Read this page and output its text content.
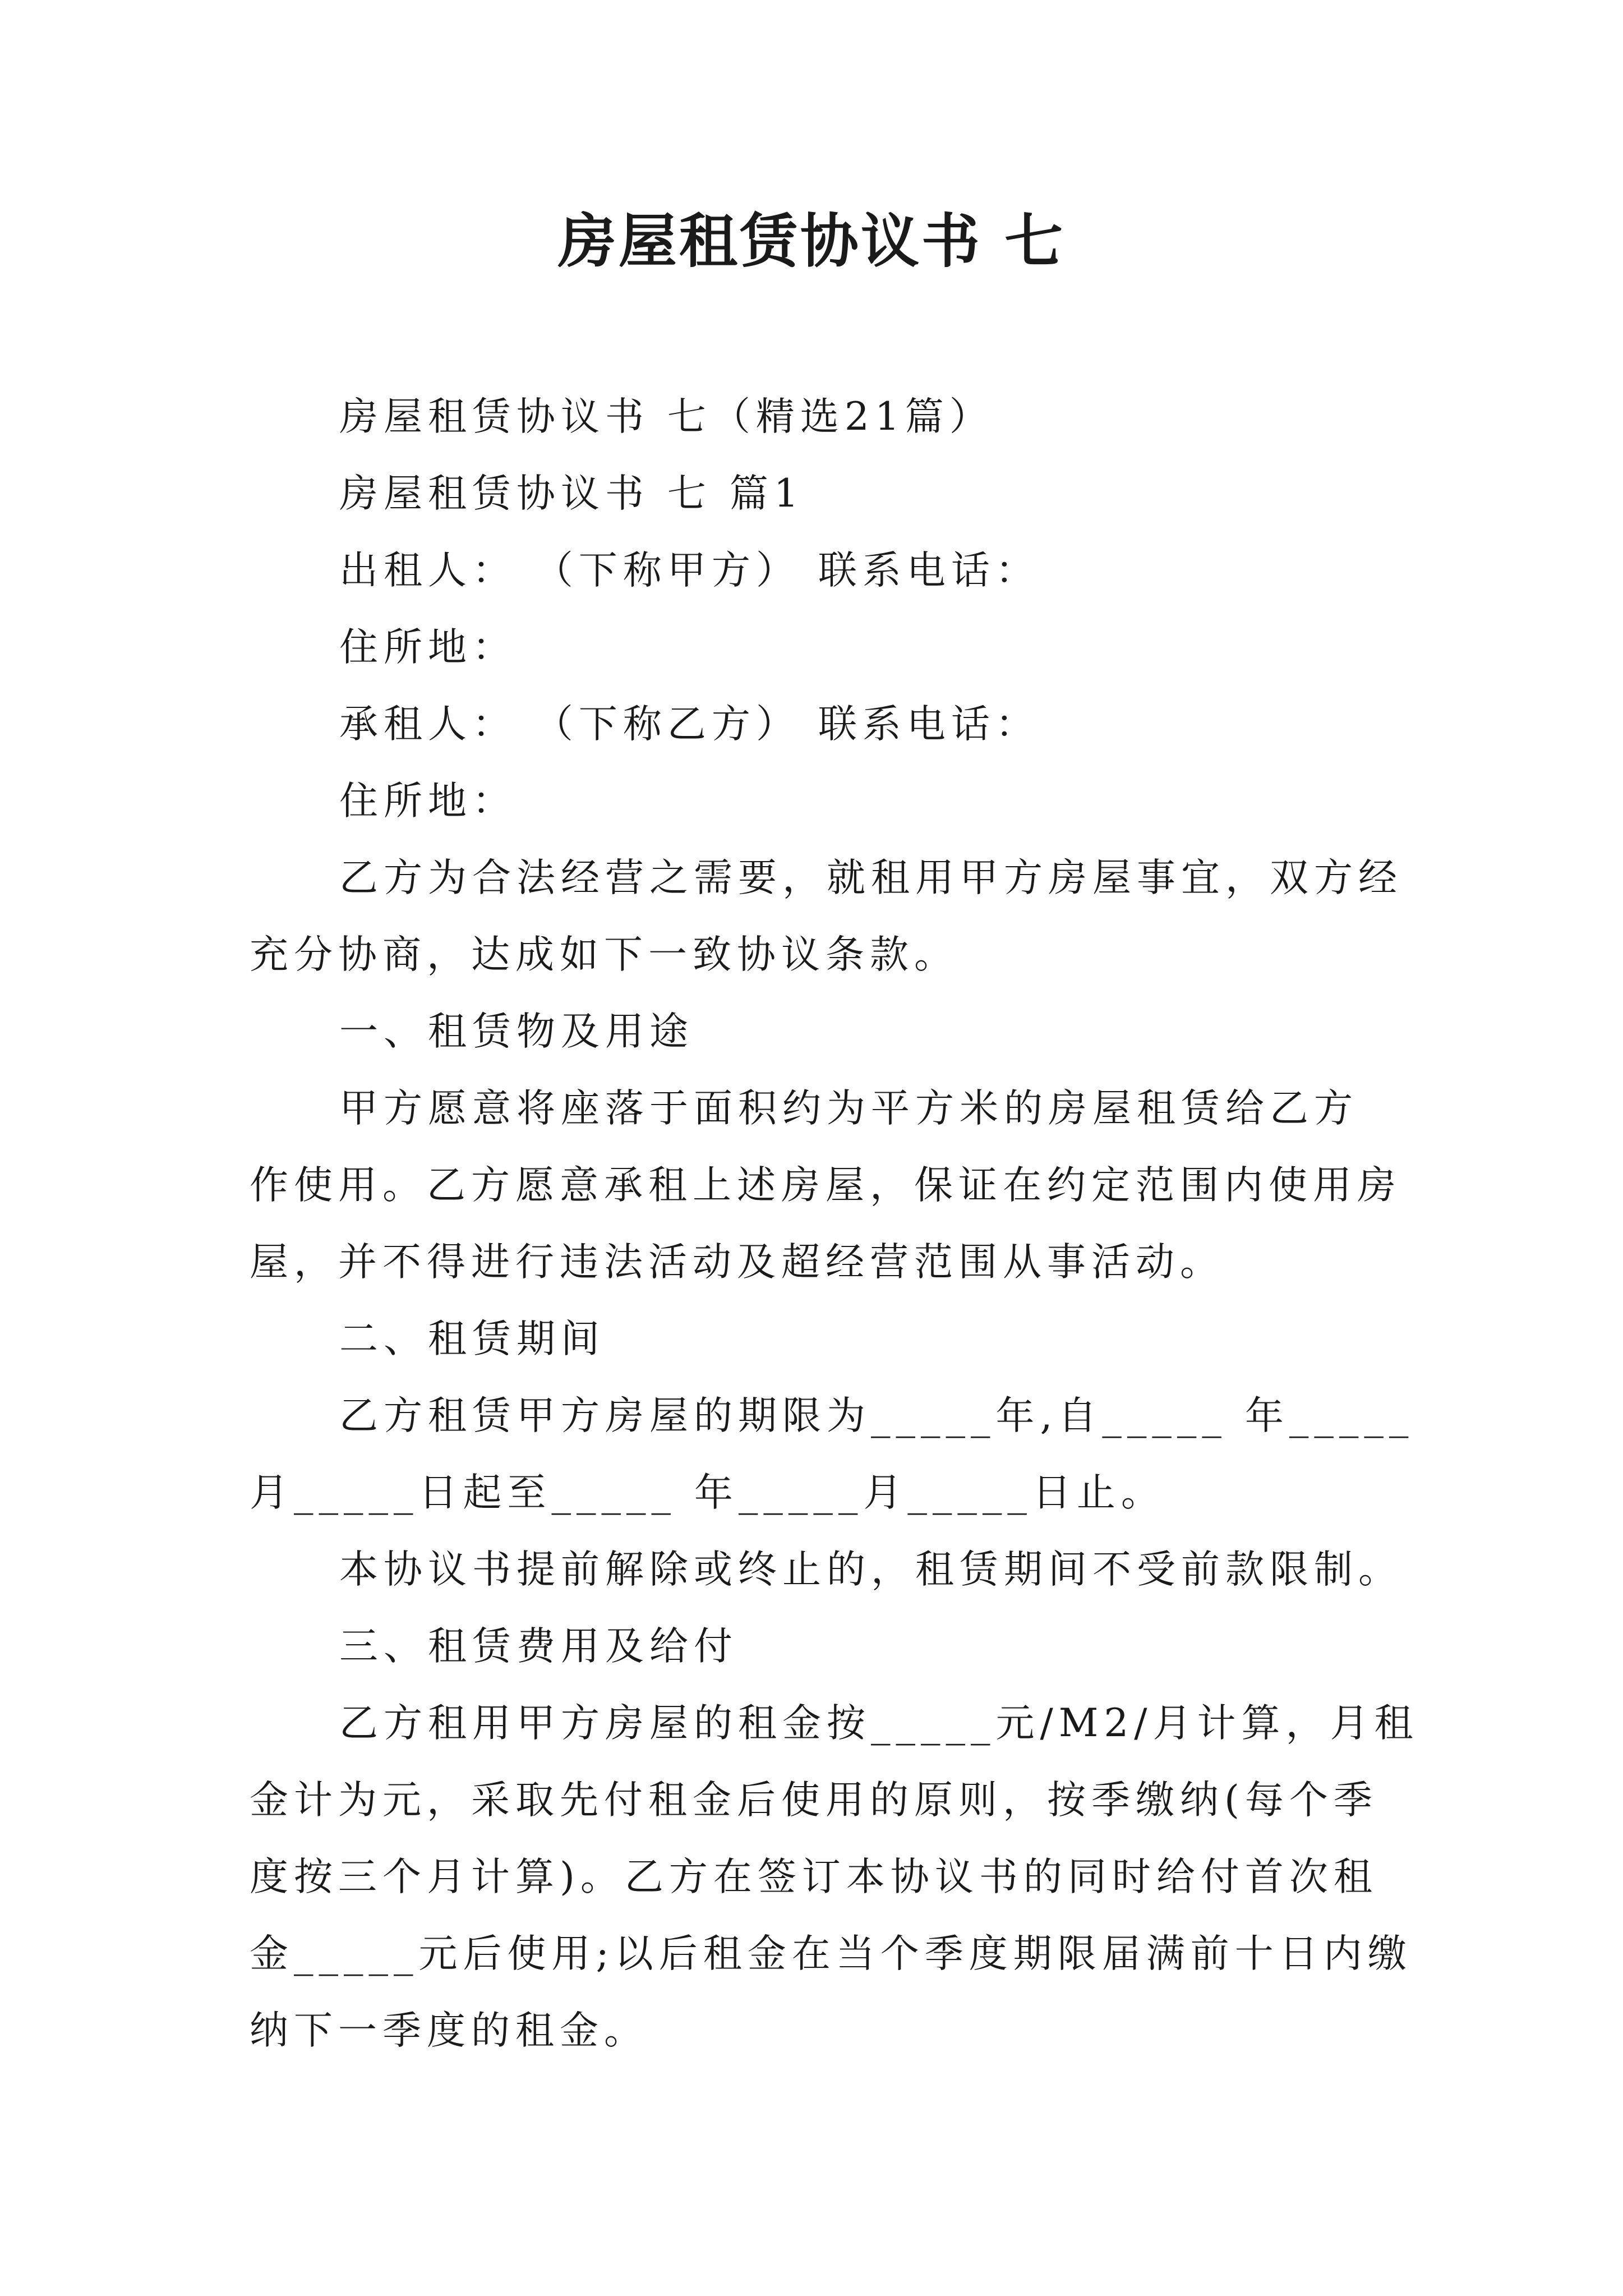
房屋租赁协议书 七
房屋租赁协议书 七（精选21篇）
房屋租赁协议书 七 篇1
出租人： （下称甲方） 联系电话：
住所地：
承租人： （下称乙方） 联系电话：
住所地：
乙方为合法经营之需要，就租用甲方房屋事宜，双方经
充分协商，达成如下一致协议条款。
一、租赁物及用途
甲方愿意将座落于面积约为平方米的房屋租赁给乙方
作使用。乙方愿意承租上述房屋，保证在约定范围内使用房
屋，并不得进行违法活动及超经营范围从事活动。
二、租赁期间
乙方租赁甲方房屋的期限为_____年,自_____ 年_____
月_____日起至_____ 年_____月_____日止。
本协议书提前解除或终止的，租赁期间不受前款限制。
三、租赁费用及给付
乙方租用甲方房屋的租金按_____元/M2/月计算，月租
金计为元，采取先付租金后使用的原则，按季缴纳(每个季
度按三个月计算)。乙方在签订本协议书的同时给付首次租
金_____元后使用;以后租金在当个季度期限届满前十日内缴
纳下一季度的租金。
